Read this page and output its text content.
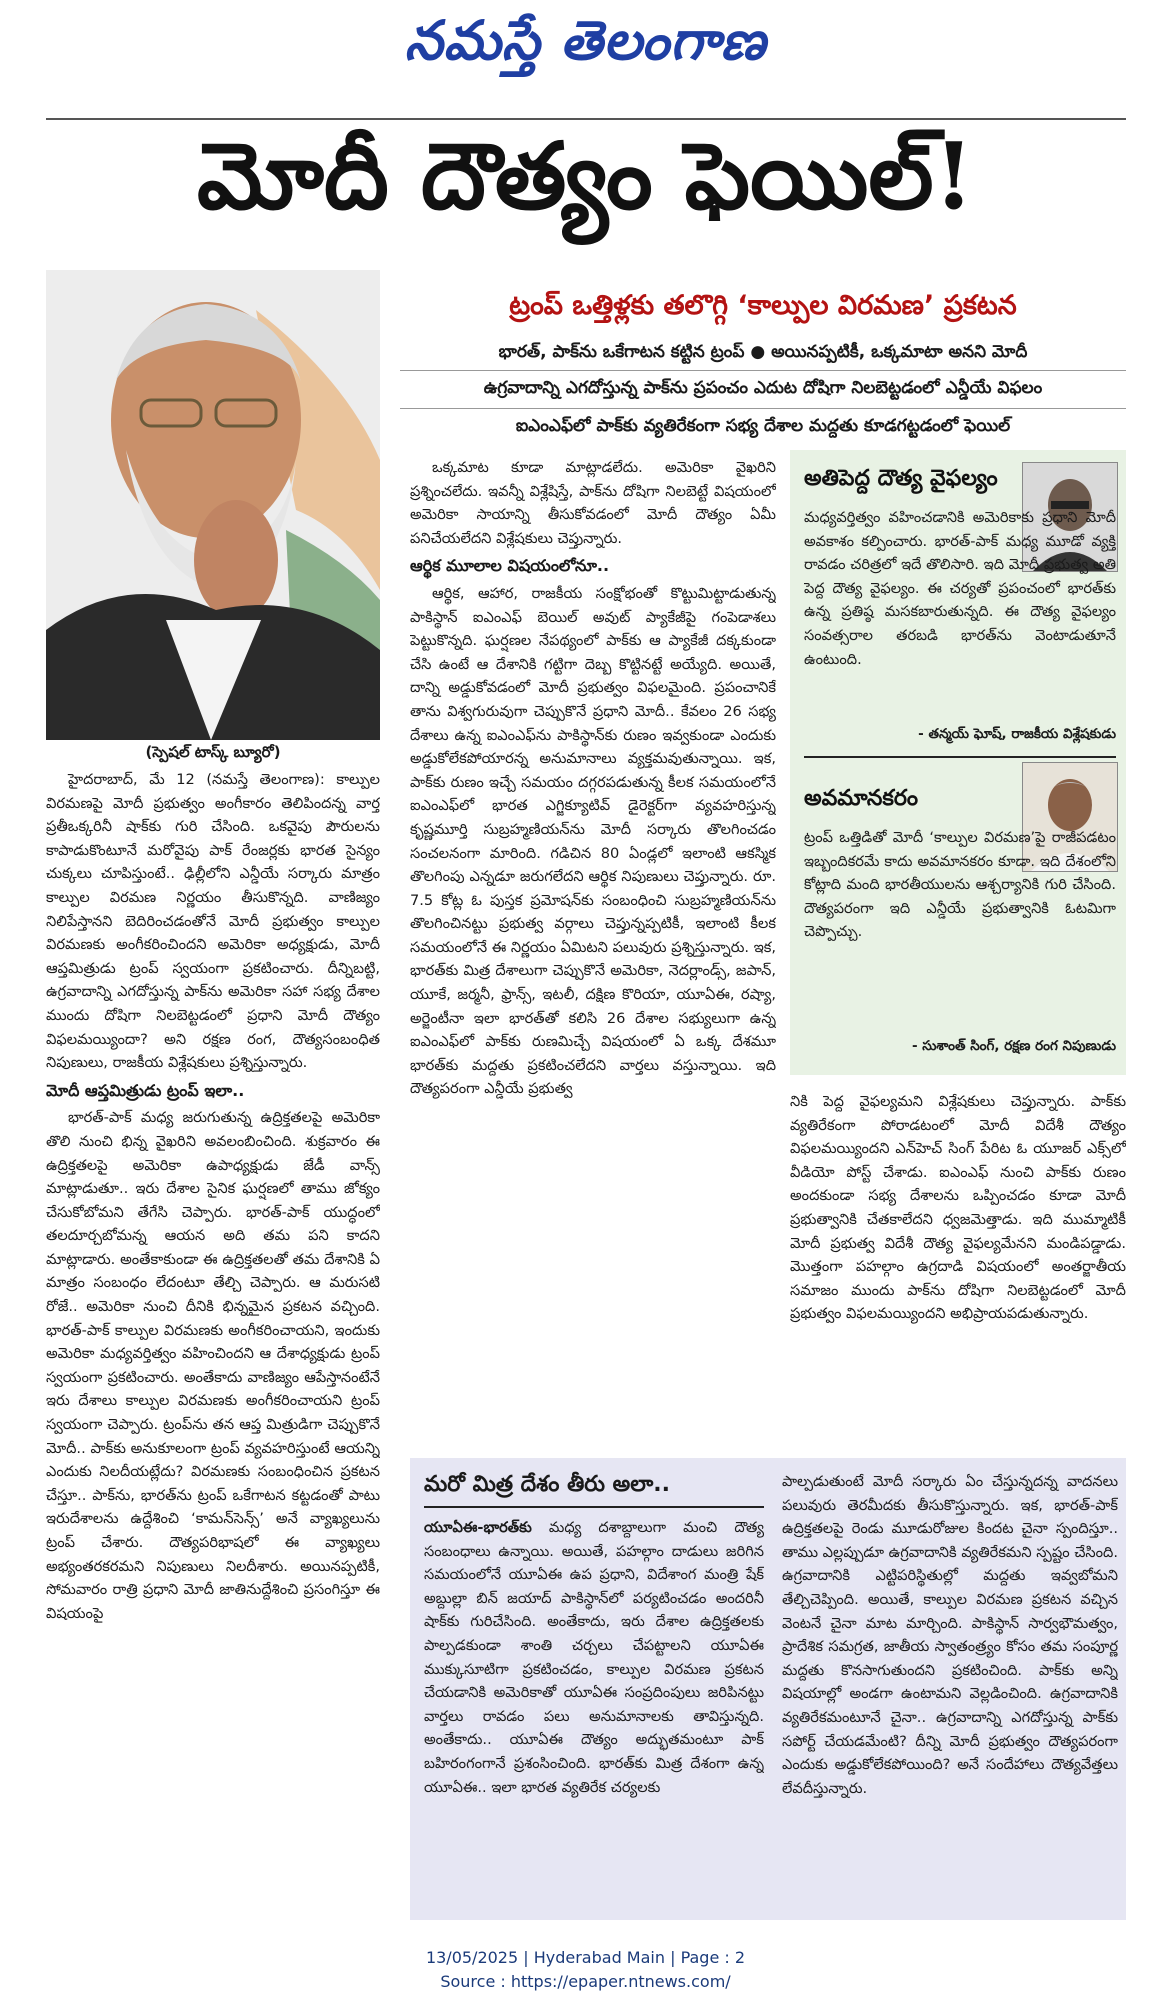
నమస్తే తెలంగాణ
మోదీ దౌత్యం ఫెయిల్!
(స్పెషల్ టాస్క్ బ్యూరో)
ట్రంప్ ఒత్తిళ్లకు తలొగ్గి ‘కాల్పుల విరమణ’ ప్రకటన
భారత్, పాక్‌ను ఒకేగాటన కట్టిన ట్రంప్ ● అయినప్పటికీ, ఒక్కమాటా అనని మోదీ
ఉగ్రవాదాన్ని ఎగదోస్తున్న పాక్‌ను ప్రపంచం ఎదుట దోషిగా నిలబెట్టడంలో ఎన్డీయే విఫలం
ఐఎంఎఫ్‌లో పాక్‌కు వ్యతిరేకంగా సభ్య దేశాల మద్దతు కూడగట్టడంలో ఫెయిల్

హైదరాబాద్, మే 12 (నమస్తే తెలంగాణ): కాల్పుల విరమణపై మోదీ ప్రభుత్వం అంగీకారం తెలిపిందన్న వార్త ప్రతీఒక్కరినీ షాక్‌కు గురి చేసింది. ఒకవైపు పౌరులను కాపాడుకొంటూనే మరోవైపు పాక్ రేంజర్లకు భారత సైన్యం చుక్కలు చూపిస్తుంటే.. ఢిల్లీలోని ఎన్డీయే సర్కారు మాత్రం కాల్పుల విరమణ నిర్ణయం తీసుకొన్నది. వాణిజ్యం నిలిపేస్తానని బెదిరించడంతోనే మోదీ ప్రభుత్వం కాల్పుల విరమణకు అంగీకరించిందని అమెరికా అధ్యక్షుడు, మోదీ ఆప్తమిత్రుడు ట్రంప్ స్వయంగా ప్రకటించారు. దీన్నిబట్టి, ఉగ్రవాదాన్ని ఎగదోస్తున్న పాక్‌ను అమెరికా సహా సభ్య దేశాల ముందు దోషిగా నిలబెట్టడంలో ప్రధాని మోదీ దౌత్యం విఫలమయ్యిందా? అని రక్షణ రంగ, దౌత్యసంబంధిత నిపుణులు, రాజకీయ విశ్లేషకులు ప్రశ్నిస్తున్నారు.

మోదీ ఆప్తమిత్రుడు ట్రంప్ ఇలా..

భారత్-పాక్ మధ్య జరుగుతున్న ఉద్రిక్తతలపై అమెరికా తొలి నుంచి భిన్న వైఖరిని అవలంబించింది. శుక్రవారం ఈ ఉద్రిక్తతలపై అమెరికా ఉపాధ్యక్షుడు జేడీ వాన్స్ మాట్లాడుతూ.. ఇరు దేశాల సైనిక ఘర్షణలో తాము జోక్యం చేసుకోబోమని తేగేసి చెప్పారు. భారత్-పాక్ యుద్ధంలో తలదూర్చబోమన్న ఆయన అది తమ పని కాదని మాట్లాడారు. అంతేకాకుండా ఈ ఉద్రిక్తతలతో తమ దేశానికి ఏ మాత్రం సంబంధం లేదంటూ తేల్చి చెప్పారు. ఆ మరుసటి రోజే.. అమెరికా నుంచి దీనికి భిన్నమైన ప్రకటన వచ్చింది. భారత్-పాక్ కాల్పుల విరమణకు అంగీకరించాయని, ఇందుకు అమెరికా మధ్యవర్తిత్వం వహించిందని ఆ దేశాధ్యక్షుడు ట్రంప్ స్వయంగా ప్రకటించారు. అంతేకాదు వాణిజ్యం ఆపేస్తానంటేనే ఇరు దేశాలు కాల్పుల విరమణకు అంగీకరించాయని ట్రంప్ స్వయంగా చెప్పారు. ట్రంప్‌ను తన ఆప్త మిత్రుడిగా చెప్పుకొనే మోదీ.. పాక్‌కు అనుకూలంగా ట్రంప్ వ్యవహరిస్తుంటే ఆయన్ని ఎందుకు నిలదీయట్లేదు? విరమణకు సంబంధించిన ప్రకటన చేస్తూ.. పాక్‌ను, భారత్‌ను ట్రంప్ ఒకేగాటన కట్టడంతో పాటు ఇరుదేశాలను ఉద్దేశించి ‘కామన్‌సెన్స్’ అనే వ్యాఖ్యలును ట్రంప్ చేశారు. దౌత్యపరిభాషలో ఈ వ్యాఖ్యలు అభ్యంతరకరమని నిపుణులు నిలదీశారు. అయినప్పటికీ, సోమవారం రాత్రి ప్రధాని మోదీ జాతినుద్దేశించి ప్రసంగిస్తూ ఈ విషయంపై

ఒక్కమాట కూడా మాట్లాడలేదు. అమెరికా వైఖరిని ప్రశ్నించలేదు. ఇవన్నీ విశ్లేషిస్తే, పాక్‌ను దోషిగా నిలబెట్టే విషయంలో అమెరికా సాయాన్ని తీసుకోవడంలో మోదీ దౌత్యం ఏమీ పనిచేయలేదని విశ్లేషకులు చెప్తున్నారు.

ఆర్థిక మూలాల విషయంలోనూ..

ఆర్థిక, ఆహార, రాజకీయ సంక్షోభంతో కొట్టుమిట్టాడుతున్న పాకిస్థాన్ ఐఎంఎఫ్ బెయిల్ అవుట్ ప్యాకేజీపై గంపెడాశలు పెట్టుకొన్నది. ఘర్షణల నేపథ్యంలో పాక్‌కు ఆ ప్యాకేజీ దక్కకుండా చేసి ఉంటే ఆ దేశానికి గట్టిగా దెబ్బ కొట్టినట్టే అయ్యేది. అయితే, దాన్ని అడ్డుకోవడంలో మోదీ ప్రభుత్వం విఫలమైంది. ప్రపంచానికే తాను విశ్వగురువుగా చెప్పుకొనే ప్రధాని మోదీ.. కేవలం 26 సభ్య దేశాలు ఉన్న ఐఎంఎఫ్‌ను పాకిస్థాన్‌కు రుణం ఇవ్వకుండా ఎందుకు అడ్డుకోలేకపోయారన్న అనుమానాలు వ్యక్తమవుతున్నాయి. ఇక, పాక్‌కు రుణం ఇచ్చే సమయం దగ్గరపడుతున్న కీలక సమయంలోనే ఐఎంఎఫ్‌లో భారత ఎగ్జిక్యూటివ్ డైరెక్టర్‌గా వ్యవహరిస్తున్న కృష్ణమూర్తి సుబ్రహ్మణియన్‌ను మోదీ సర్కారు తొలగించడం సంచలనంగా మారింది. గడిచిన 80 ఏండ్లలో ఇలాంటి ఆకస్మిక తొలగింపు ఎన్నడూ జరుగలేదని ఆర్థిక నిపుణులు చెప్తున్నారు. రూ. 7.5 కోట్ల ఓ పుస్తక ప్రమోషన్‌కు సంబంధించి సుబ్రహ్మణియన్‌ను తొలగించినట్టు ప్రభుత్వ వర్గాలు చెప్తున్నప్పటికీ, ఇలాంటి కీలక సమయంలోనే ఈ నిర్ణయం ఏమిటని పలువురు ప్రశ్నిస్తున్నారు. ఇక, భారత్‌కు మిత్ర దేశాలుగా చెప్పుకొనే అమెరికా, నెదర్లాండ్స్, జపాన్, యూకే, జర్మనీ, ఫ్రాన్స్, ఇటలీ, దక్షిణ కొరియా, యూఏఈ, రష్యా, అర్జెంటీనా ఇలా భారత్‌తో కలిసి 26 దేశాల సభ్యులుగా ఉన్న ఐఎంఎఫ్‌లో పాక్‌కు రుణమిచ్చే విషయంలో ఏ ఒక్క దేశమూ భారత్‌కు మద్దతు ప్రకటించలేదని వార్తలు వస్తున్నాయి. ఇది దౌత్యపరంగా ఎన్డీయే ప్రభుత్వ

అతిపెద్ద దౌత్య వైఫల్యం
మధ్యవర్తిత్వం వహించడానికి అమెరికాకు ప్రధాని మోదీ అవకాశం కల్పించారు. భారత్-పాక్ మధ్య మూడో వ్యక్తి రావడం చరిత్రలో ఇదే తొలిసారి. ఇది మోదీ ప్రభుత్వ అతి పెద్ద దౌత్య వైఫల్యం. ఈ చర్యతో ప్రపంచంలో భారత్‌కు ఉన్న ప్రతిష్ఠ మసకబారుతున్నది. ఈ దౌత్య వైఫల్యం సంవత్సరాల తరబడి భారత్‌ను వెంటాడుతూనే ఉంటుంది.
- తన్మయ్ ఘోష్, రాజకీయ విశ్లేషకుడు
అవమానకరం
ట్రంప్ ఒత్తిడితో మోదీ ‘కాల్పుల విరమణ’పై రాజీపడటం ఇబ్బందికరమే కాదు అవమానకరం కూడా. ఇది దేశంలోని కోట్లాది మంది భారతీయులను ఆశ్చర్యానికి గురి చేసింది. దౌత్యపరంగా ఇది ఎన్డీయే ప్రభుత్వానికి ఓటమిగా చెప్పొచ్చు.
- సుశాంత్ సింగ్, రక్షణ రంగ నిపుణుడు

నికి పెద్ద వైఫల్యమని విశ్లేషకులు చెప్తున్నారు. పాక్‌కు వ్యతిరేకంగా పోరాడటంలో మోదీ విదేశీ దౌత్యం విఫలమయ్యిందని ఎన్‌హెచ్ సింగ్ పేరిట ఓ యూజర్ ఎక్స్‌లో వీడియో పోస్ట్ చేశాడు. ఐఎంఎఫ్ నుంచి పాక్‌కు రుణం అందకుండా సభ్య దేశాలను ఒప్పించడం కూడా మోదీ ప్రభుత్వానికి చేతకాలేదని ధ్వజమెత్తాడు. ఇది ముమ్మాటికీ మోదీ ప్రభుత్వ విదేశీ దౌత్య వైఫల్యమేనని మండిపడ్డాడు. మొత్తంగా పహల్గాం ఉగ్రదాడి విషయంలో అంతర్జాతీయ సమాజం ముందు పాక్‌ను దోషిగా నిలబెట్టడంలో మోదీ ప్రభుత్వం విఫలమయ్యిందని అభిప్రాయపడుతున్నారు.

మరో మిత్ర దేశం తీరు అలా..
యూఏఈ-భారత్‌కు మధ్య దశాబ్దాలుగా మంచి దౌత్య సంబంధాలు ఉన్నాయి. అయితే, పహల్గాం దాడులు జరిగిన సమయంలోనే యూఏఈ ఉప ప్రధాని, విదేశాంగ మంత్రి షేక్ అబ్దుల్లా బిన్ జయాద్ పాకిస్థాన్‌లో పర్యటించడం అందరినీ షాక్‌కు గురిచేసింది. అంతేకాదు, ఇరు దేశాల ఉద్రిక్తతలకు పాల్పడకుండా శాంతి చర్చలు చేపట్టాలని యూఏఈ ముక్కుసూటిగా ప్రకటించడం, కాల్పుల విరమణ ప్రకటన చేయడానికి అమెరికాతో యూఏఈ సంప్రదింపులు జరిపినట్టు వార్తలు రావడం పలు అనుమానాలకు తావిస్తున్నది. అంతేకాదు.. యూఏఈ దౌత్యం అద్భుతమంటూ పాక్ బహిరంగంగానే ప్రశంసించింది. భారత్‌కు మిత్ర దేశంగా ఉన్న యూఏఈ.. ఇలా భారత వ్యతిరేక చర్యలకు
పాల్పడుతుంటే మోదీ సర్కారు ఏం చేస్తున్నదన్న వాదనలు పలువురు తెరమీదకు తీసుకొస్తున్నారు. ఇక, భారత్-పాక్ ఉద్రిక్తతలపై రెండు మూడురోజుల కిందట చైనా స్పందిస్తూ.. తాము ఎల్లప్పుడూ ఉగ్రవాదానికి వ్యతిరేకమని స్పష్టం చేసింది. ఉగ్రవాదానికి ఎట్టిపరిస్థితుల్లో మద్దతు ఇవ్వబోమని తేల్చిచెప్పింది. అయితే, కాల్పుల విరమణ ప్రకటన వచ్చిన వెంటనే చైనా మాట మార్చింది. పాకిస్థాన్ సార్వభౌమత్వం, ప్రాదేశిక సమగ్రత, జాతీయ స్వాతంత్ర్యం కోసం తమ సంపూర్ణ మద్దతు కొనసాగుతుందని ప్రకటించింది. పాక్‌కు అన్ని విషయాల్లో అండగా ఉంటామని వెల్లడించింది. ఉగ్రవాదానికి వ్యతిరేకమంటూనే చైనా.. ఉగ్రవాదాన్ని ఎగదోస్తున్న పాక్‌కు సపోర్ట్ చేయడమేంటి? దీన్ని మోదీ ప్రభుత్వం దౌత్యపరంగా ఎందుకు అడ్డుకోలేకపోయింది? అనే సందేహాలు దౌత్యవేత్తలు లేవదీస్తున్నారు.
13/05/2025 | Hyderabad Main | Page : 2
Source : https://epaper.ntnews.com/
